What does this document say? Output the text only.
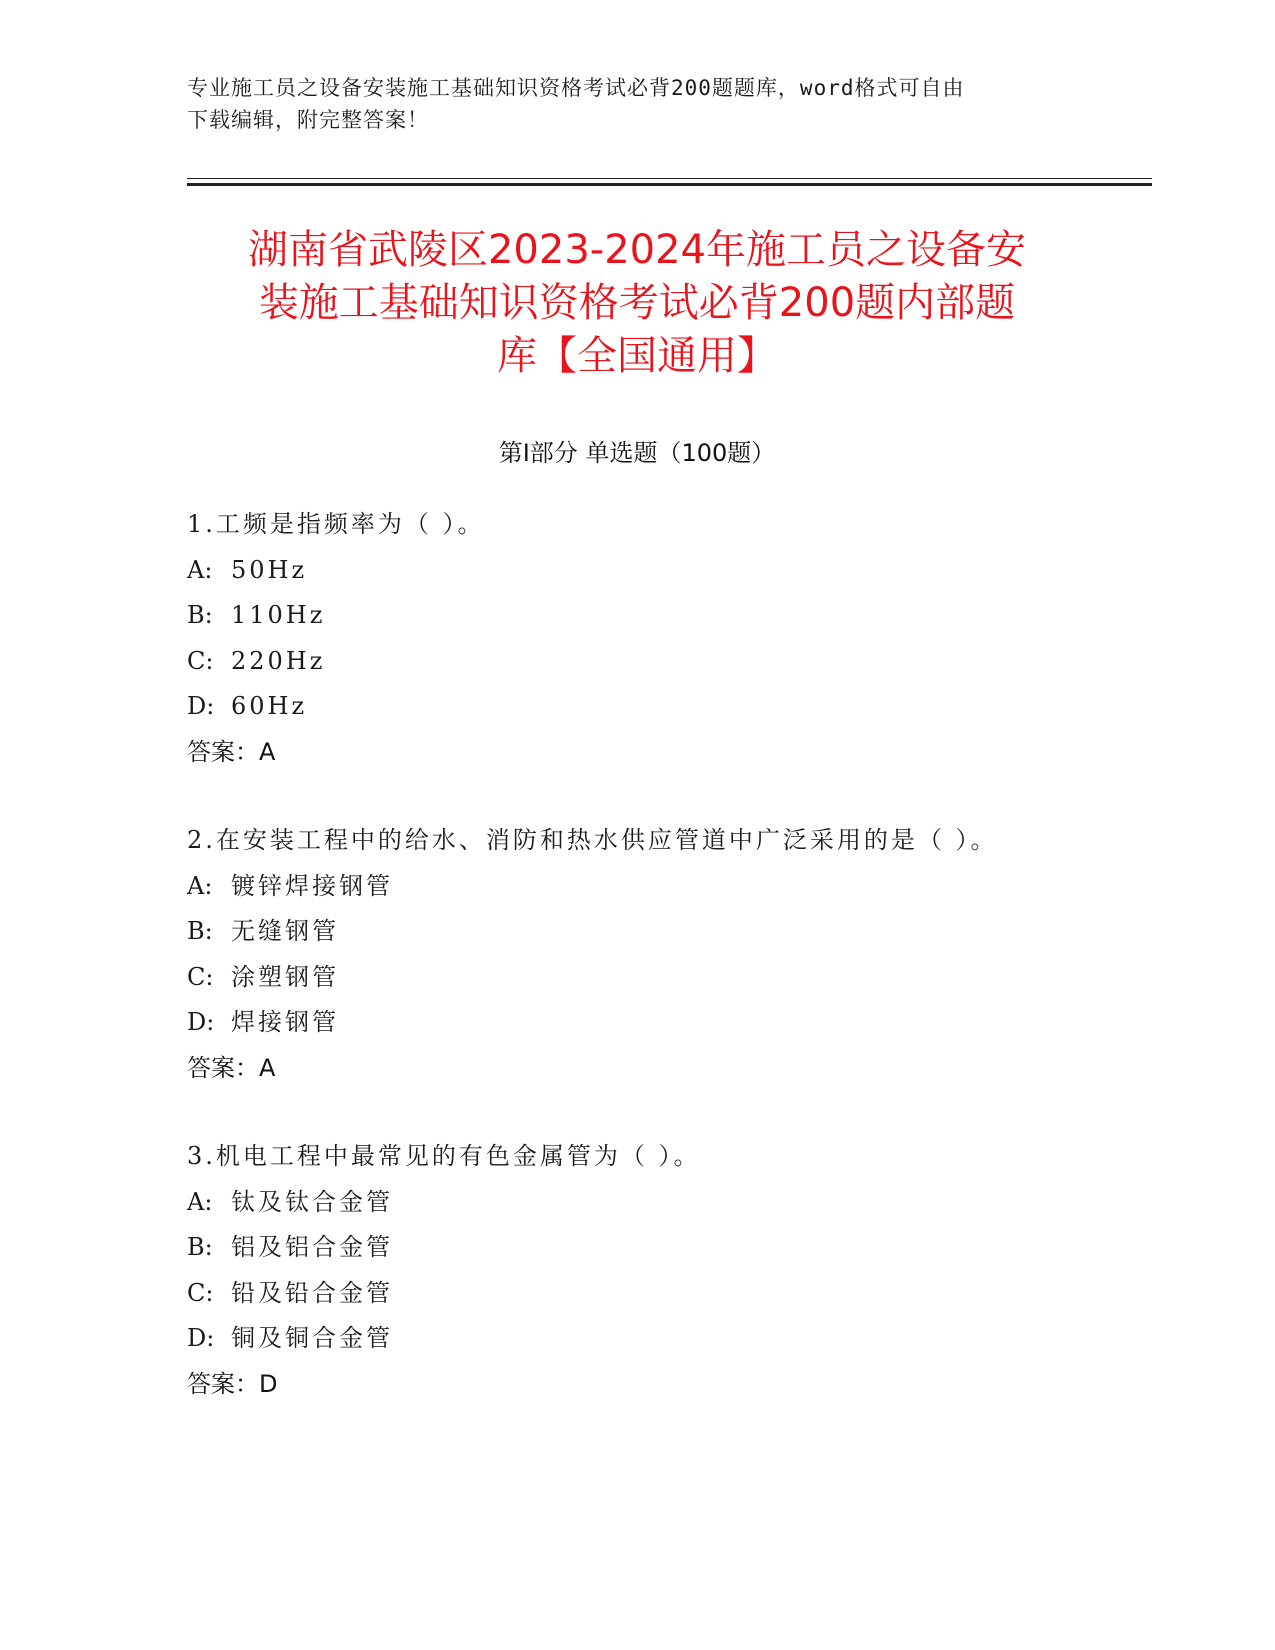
专业施工员之设备安装施工基础知识资格考试必背200题题库，word格式可自由
下载编辑，附完整答案！
湖南省武陵区2023-2024年施工员之设备安
装施工基础知识资格考试必背200题内部题
库【全国通用】
第Ⅰ部分 单选题（100题）
1.工频是指频率为（ ）。
A: 50Hz
B: 110Hz
C: 220Hz
D: 60Hz
答案：A
2.在安装工程中的给水、消防和热水供应管道中广泛采用的是（ ）。
A: 镀锌焊接钢管
B: 无缝钢管
C: 涂塑钢管
D: 焊接钢管
答案：A
3.机电工程中最常见的有色金属管为（ ）。
A: 钛及钛合金管
B: 铝及铝合金管
C: 铅及铅合金管
D: 铜及铜合金管
答案：D
